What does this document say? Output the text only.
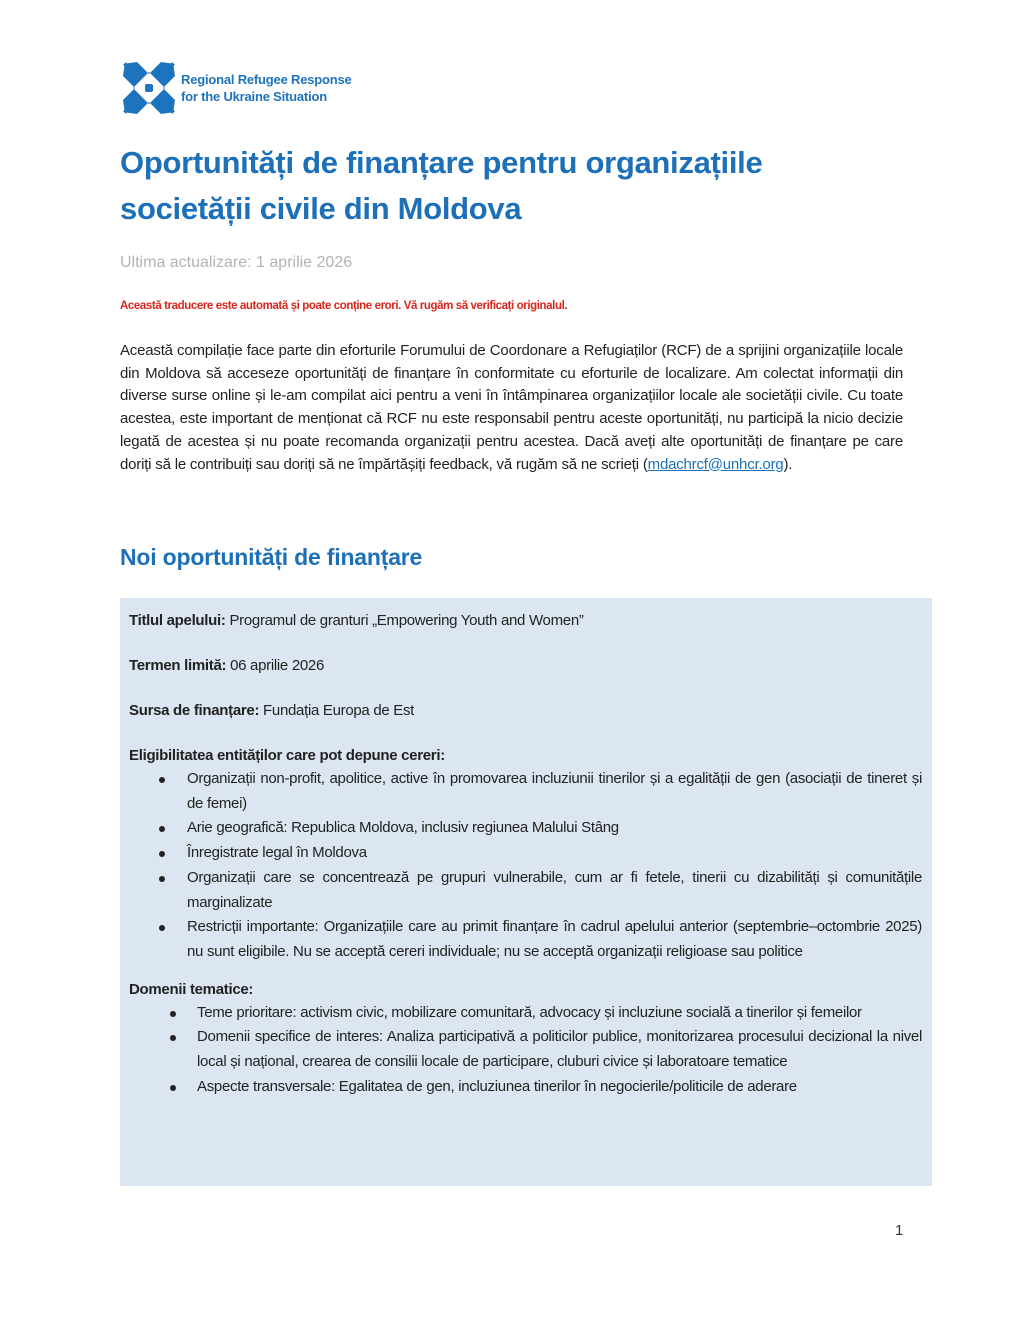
Regional Refugee Response
for the Ukraine Situation
Oportunități de finanțare pentru organizațiile societății civile din Moldova
Ultima actualizare: 1 aprilie 2026
Această traducere este automată și poate conține erori. Vă rugăm să verificați originalul.

Această compilație face parte din eforturile Forumului de Coordonare a Refugiaților (RCF) de a sprijini organizațiile locale din Moldova să acceseze oportunități de finanțare în conformitate cu eforturile de localizare. Am colectat informații din diverse surse online și le-am compilat aici pentru a veni în întâmpinarea organizațiilor locale ale societății civile. Cu toate acestea, este important de menționat că RCF nu este responsabil pentru aceste oportunități, nu participă la nicio decizie legată de acestea și nu poate recomanda organizații pentru acestea. Dacă aveți alte oportunități de finanțare pe care doriți să le contribuiți sau doriți să ne împărtășiți feedback, vă rugăm să ne scrieți (mdachrcf@unhcr.org).

Noi oportunități de finanțare

Titlul apelului: Programul de granturi „Empowering Youth and Women”

Termen limită: 06 aprilie 2026

Sursa de finanțare: Fundația Europa de Est

Eligibilitatea entităților care pot depune cereri:

Organizații non-profit, apolitice, active în promovarea incluziunii tinerilor și a egalității de gen (asociații de tineret și de femei)
Arie geografică: Republica Moldova, inclusiv regiunea Malului Stâng
Înregistrate legal în Moldova
Organizații care se concentrează pe grupuri vulnerabile, cum ar fi fetele, tinerii cu dizabilități și comunitățile marginalizate
Restricții importante: Organizațiile care au primit finanțare în cadrul apelului anterior (septembrie–octombrie 2025) nu sunt eligibile. Nu se acceptă cereri individuale; nu se acceptă organizații religioase sau politice

Domenii tematice:

Teme prioritare: activism civic, mobilizare comunitară, advocacy și incluziune socială a tinerilor și femeilor
Domenii specifice de interes: Analiza participativă a politicilor publice, monitorizarea procesului decizional la nivel local și național, crearea de consilii locale de participare, cluburi civice și laboratoare tematice
Aspecte transversale: Egalitatea de gen, incluziunea tinerilor în negocierile/politicile de aderare
1
